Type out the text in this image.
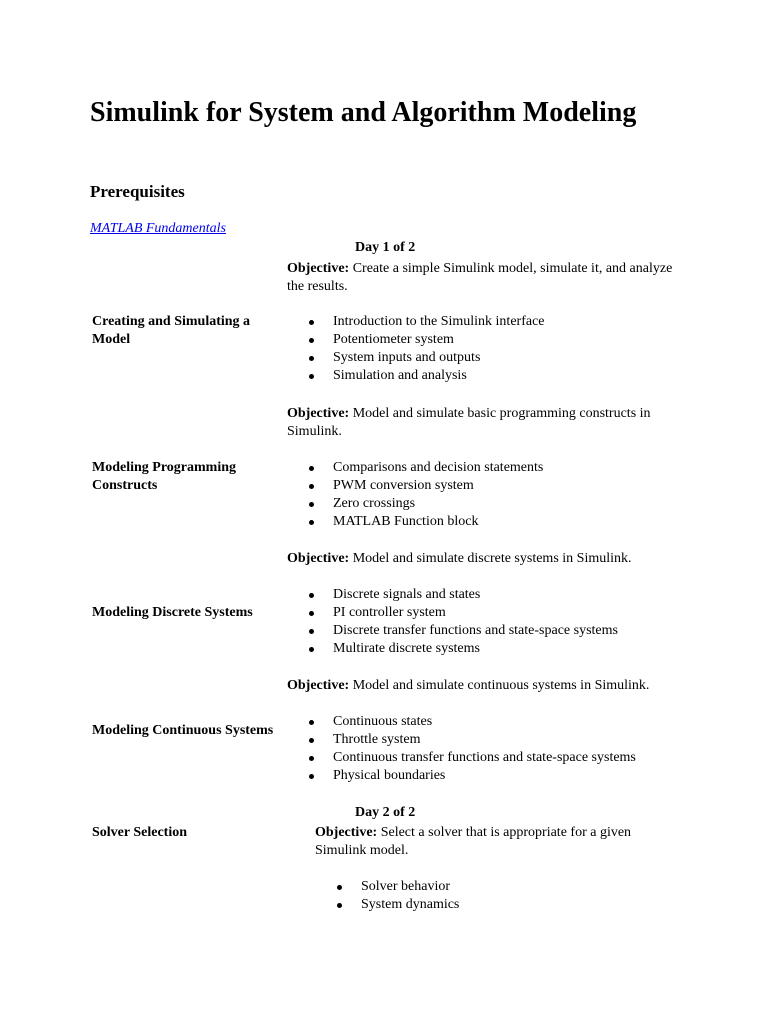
Simulink for System and Algorithm Modeling
Prerequisites
MATLAB Fundamentals
Day 1 of 2
Objective: Create a simple Simulink model, simulate it, and analyze the results.
Creating and Simulating a Model
Introduction to the Simulink interface
Potentiometer system
System inputs and outputs
Simulation and analysis
Objective: Model and simulate basic programming constructs in Simulink.
Modeling Programming Constructs
Comparisons and decision statements
PWM conversion system
Zero crossings
MATLAB Function block
Objective: Model and simulate discrete systems in Simulink.
Modeling Discrete Systems
Discrete signals and states
PI controller system
Discrete transfer functions and state-space systems
Multirate discrete systems
Objective: Model and simulate continuous systems in Simulink.
Modeling Continuous Systems
Continuous states
Throttle system
Continuous transfer functions and state-space systems
Physical boundaries
Day 2 of 2
Solver Selection	Objective: Select a solver that is appropriate for a given Simulink model.
Solver behavior
System dynamics
